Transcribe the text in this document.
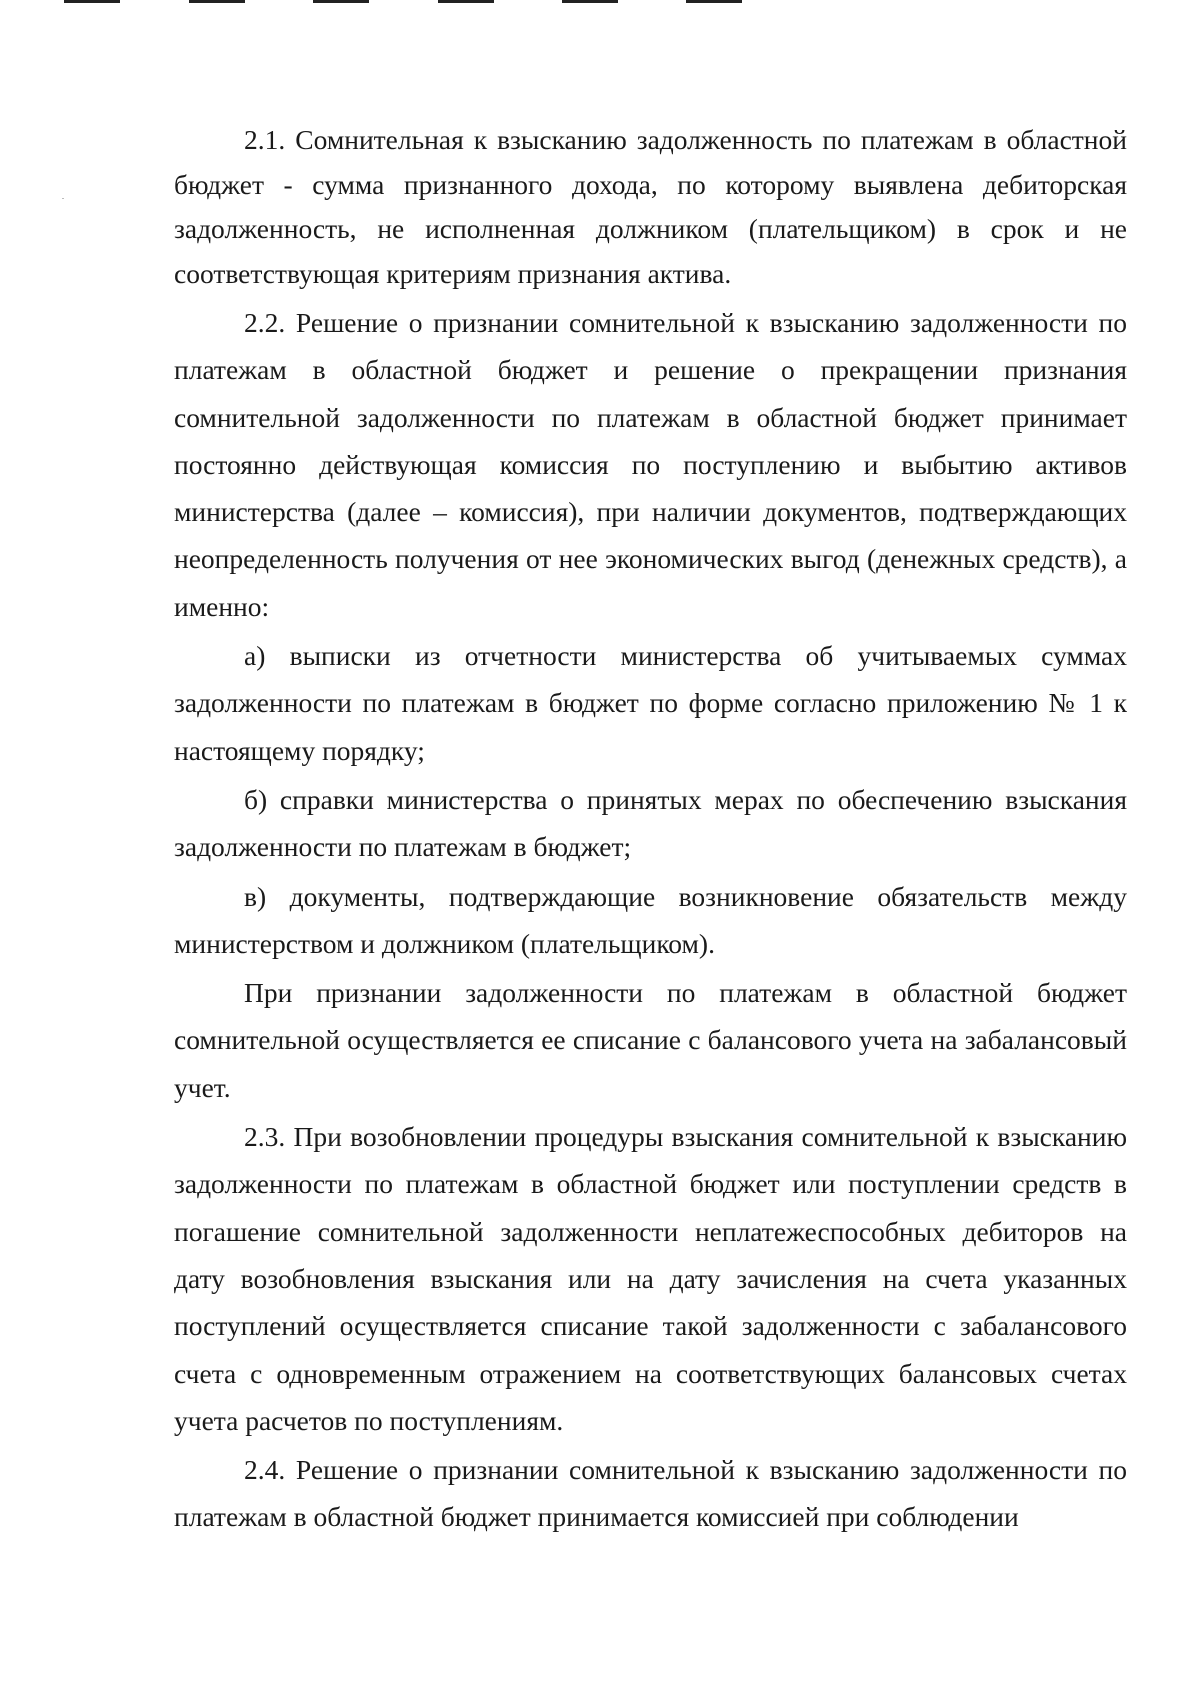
2.1. Сомнительная к взысканию задолженность по платежам в областной бюджет - сумма признанного дохода, по которому выявлена дебиторская задолженность, не исполненная должником (плательщиком) в срок и не соответствующая критериям признания актива.

2.2. Решение о признании сомнительной к взысканию задолженности по платежам в областной бюджет и решение о прекращении признания сомнительной задолженности по платежам в областной бюджет принимает постоянно действующая комиссия по поступлению и выбытию активов министерства (далее – комиссия), при наличии документов, подтверждающих неопределенность получения от нее экономических выгод (денежных средств), а именно:

а) выписки из отчетности министерства об учитываемых суммах задолженности по платежам в бюджет по форме согласно приложению № 1 к настоящему порядку;

б) справки министерства о принятых мерах по обеспечению взыскания задолженности по платежам в бюджет;

в) документы, подтверждающие возникновение обязательств между министерством и должником (плательщиком).

При признании задолженности по платежам в областной бюджет сомнительной осуществляется ее списание с балансового учета на забалансовый учет.

2.3. При возобновлении процедуры взыскания сомнительной к взысканию задолженности по платежам в областной бюджет или поступлении средств в погашение сомнительной задолженности неплатежеспособных дебиторов на дату возобновления взыскания или на дату зачисления на счета указанных поступлений осуществляется списание такой задолженности с забалансового счета с одновременным отражением на соответствующих балансовых счетах учета расчетов по поступлениям.

2.4. Решение о признании сомнительной к взысканию задолженности по платежам в областной бюджет принимается комиссией при соблюдении
